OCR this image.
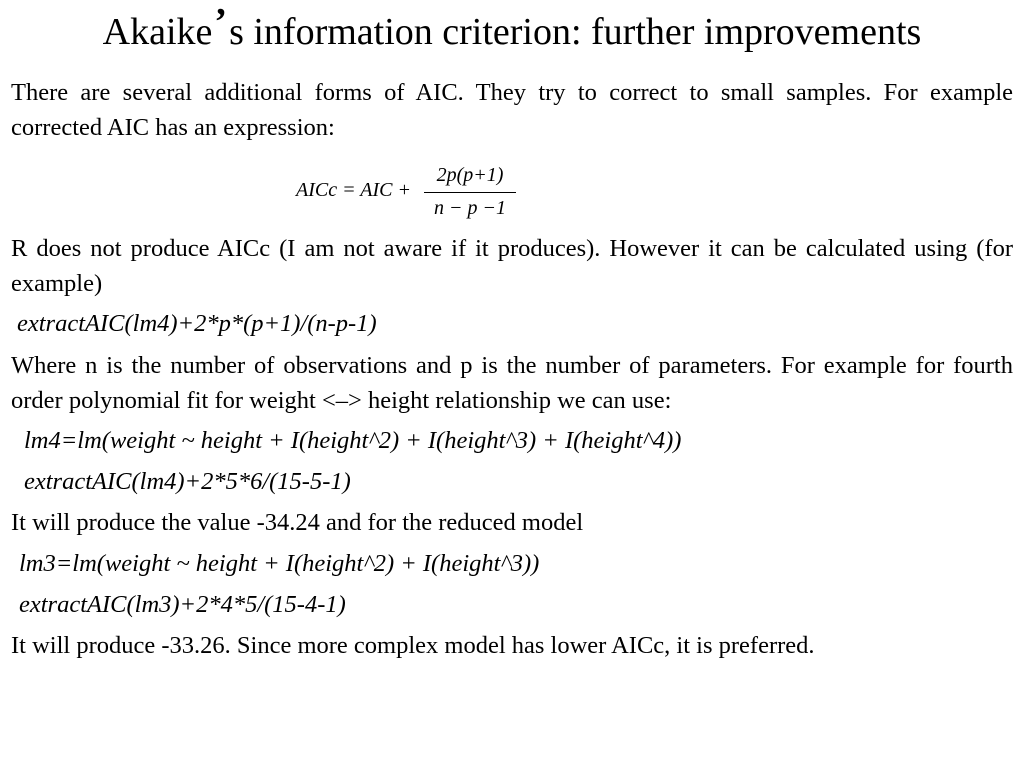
Akaike’s information criterion: further improvements
There are several additional forms of AIC. They try to correct to small samples. For example corrected AIC has an expression:
AICc = AIC +
2p(p+1)
n − p −1
R does not produce AICc (I am not aware if it produces). However it can be calculated using (for example)
extractAIC(lm4)+2*p*(p+1)/(n-p-1)
Where n is the number of observations and p is the number of parameters. For example for fourth order polynomial fit for weight <–> height relationship we can use:
lm4=lm(weight ~ height + I(height^2) + I(height^3) + I(height^4))
extractAIC(lm4)+2*5*6/(15-5-1)
It will produce the value -34.24 and for the reduced model
lm3=lm(weight ~ height + I(height^2) + I(height^3))
extractAIC(lm3)+2*4*5/(15-4-1)
It will produce -33.26. Since more complex model has lower AICc, it is preferred.
